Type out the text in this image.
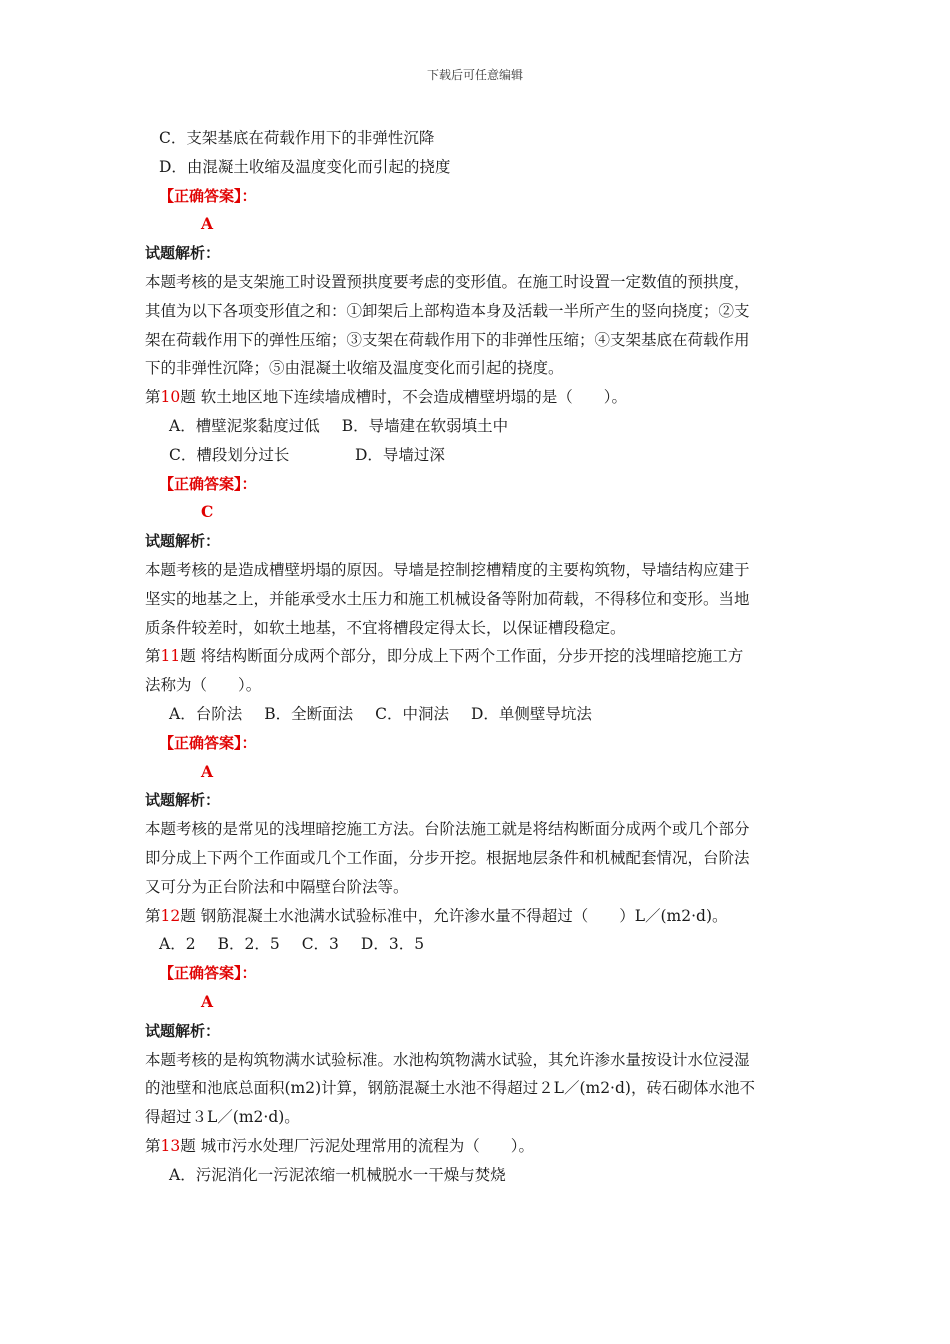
下载后可任意编辑
C．支架基底在荷载作用下的非弹性沉降
D．由混凝土收缩及温度变化而引起的挠度
【正确答案】：
A
试题解析：
本题考核的是支架施工时设置预拱度要考虑的变形值。在施工时设置一定数值的预拱度，
其值为以下各项变形值之和：①卸架后上部构造本身及活载一半所产生的竖向挠度；②支
架在荷载作用下的弹性压缩；③支架在荷载作用下的非弹性压缩；④支架基底在荷载作用
下的非弹性沉降；⑤由混凝土收缩及温度变化而引起的挠度。
第10题 软土地区地下连续墙成槽时，不会造成槽壁坍塌的是（　　）。
A．槽壁泥浆黏度过低 B．导墙建在软弱填土中
C．槽段划分过长	D．导墙过深
【正确答案】：
C
试题解析：
本题考核的是造成槽壁坍塌的原因。导墙是控制挖槽精度的主要构筑物，导墙结构应建于
坚实的地基之上，并能承受水土压力和施工机械设备等附加荷载，不得移位和变形。当地
质条件较差时，如软土地基，不宜将槽段定得太长，以保证槽段稳定。
第11题 将结构断面分成两个部分，即分成上下两个工作面，分步开挖的浅埋暗挖施工方
法称为（　　）。
A．台阶法 B．全断面法 C．中洞法 D．单侧壁导坑法
【正确答案】：
A
试题解析：
本题考核的是常见的浅埋暗挖施工方法。台阶法施工就是将结构断面分成两个或几个部分
即分成上下两个工作面或几个工作面，分步开挖。根据地层条件和机械配套情况，台阶法
又可分为正台阶法和中隔壁台阶法等。
第12题 钢筋混凝土水池满水试验标准中，允许渗水量不得超过（　　）L／(m2·d)。
A．2 B．2．5 C．3 D．3．5
【正确答案】：
A
试题解析：
本题考核的是构筑物满水试验标准。水池构筑物满水试验，其允许渗水量按设计水位浸湿
的池壁和池底总面积(m2)计算，钢筋混凝土水池不得超过２L／(m2·d)，砖石砌体水池不
得超过３L／(m2·d)。
第13题 城市污水处理厂污泥处理常用的流程为（　　）。
A．污泥消化一污泥浓缩一机械脱水一干燥与焚烧
